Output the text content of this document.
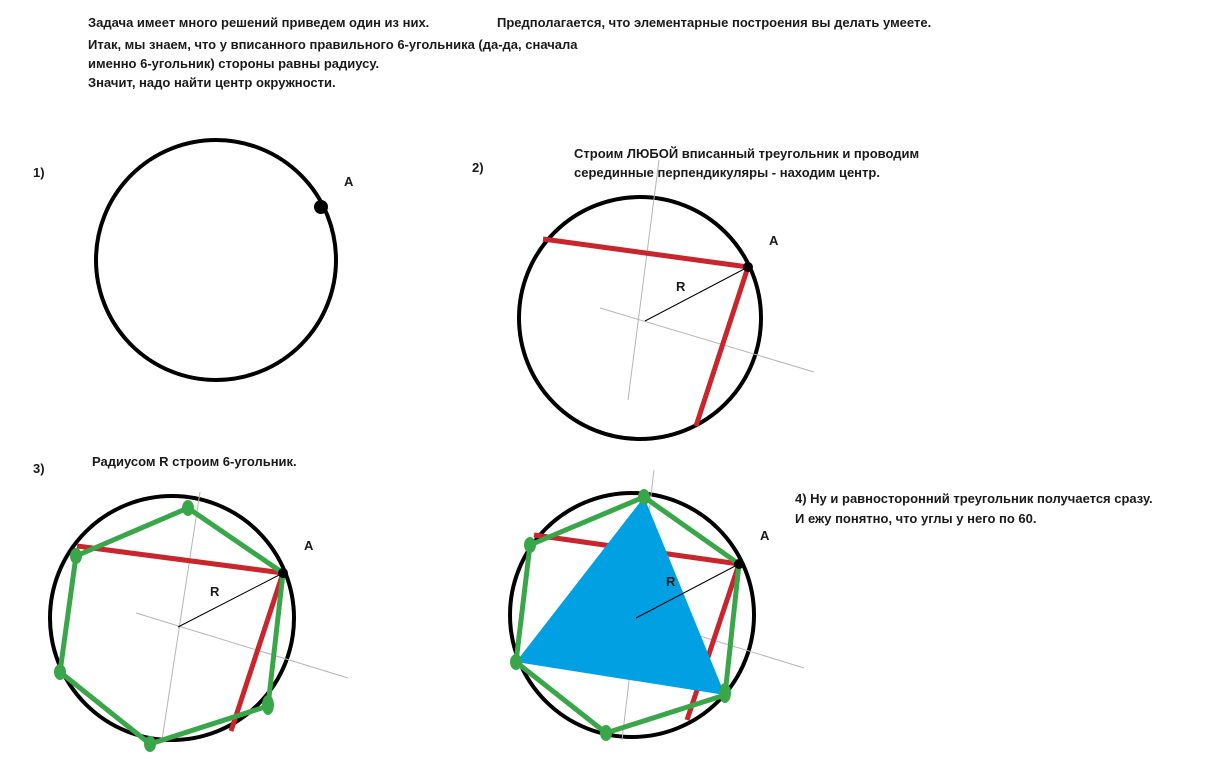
Задача имеет много решений приведем один из них.	Предполагается, что элементарные построения вы делать умеете.
Итак, мы знаем, что у вписанного правильного 6-угольника (да-да, сначала
именно 6-угольник) стороны равны радиусу.
Значит, надо найти центр окружности.
1)	2)
Строим ЛЮБОЙ вписанный треугольник и проводим
серединные перпендикуляры - находим центр.
3)	Радиусом R строим 6-угольник.
4) Ну и равносторонний треугольник получается сразу.
И ежу понятно, что углы у него по 60.
A
A
R
A
R
A
R
